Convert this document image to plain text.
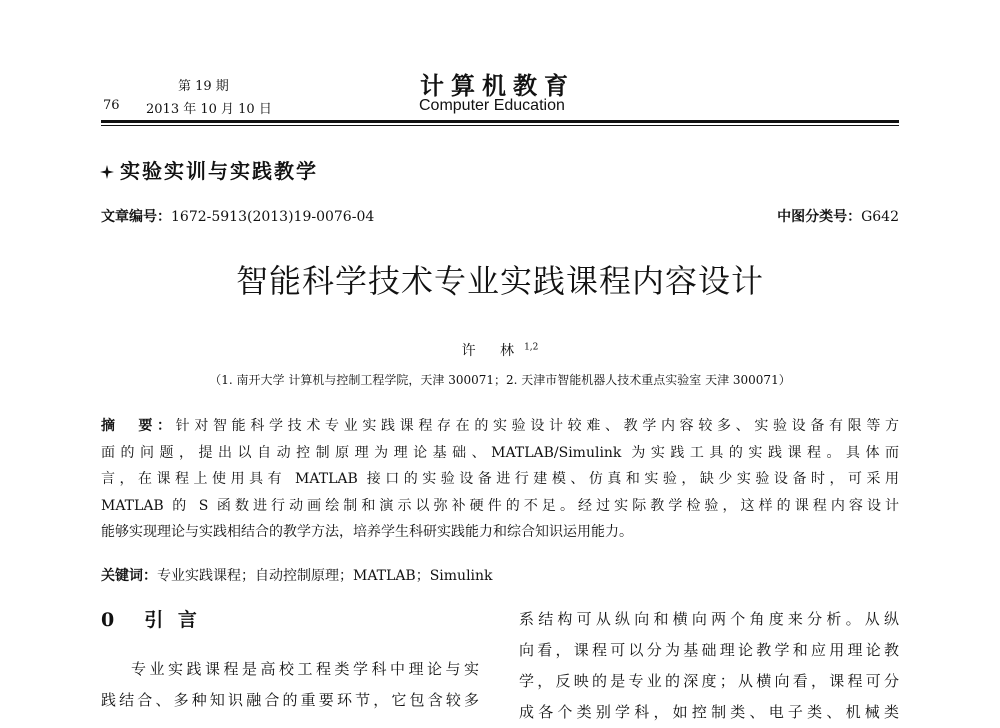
76
第 19 期
2013 年 10 月 10 日
计算机教育
Computer Education
实验实训与实践教学
文章编号：1672-5913(2013)19-0076-04	中图分类号：G642
智能科学技术专业实践课程内容设计
许 林$^{1,2}$
（1. 南开大学 计算机与控制工程学院，天津 300071；2. 天津市智能机器人技术重点实验室 天津 300071）
摘　要：针对智能科学技术专业实践课程存在的实验设计较难、教学内容较多、实验设备有限等方
面的问题，提出以自动控制原理为理论基础、MATLAB/Simulink 为实践工具的实践课程。具体而
言，在课程上使用具有 MATLAB 接口的实验设备进行建模、仿真和实验，缺少实验设备时，可采用
MATLAB 的 S 函数进行动画绘制和演示以弥补硬件的不足。经过实际教学检验，这样的课程内容设计
能够实现理论与实践相结合的教学方法，培养学生科研实践能力和综合知识运用能力。
关键词：专业实践课程；自动控制原理；MATLAB；Simulink
0 引 言
专业实践课程是高校工程类学科中理论与实
践结合、多种知识融合的重要环节，它包含较多
系结构可从纵向和横向两个角度来分析。从纵
向看，课程可以分为基础理论教学和应用理论教
学，反映的是专业的深度；从横向看，课程可分
成各个类别学科，如控制类、电子类、机械类
